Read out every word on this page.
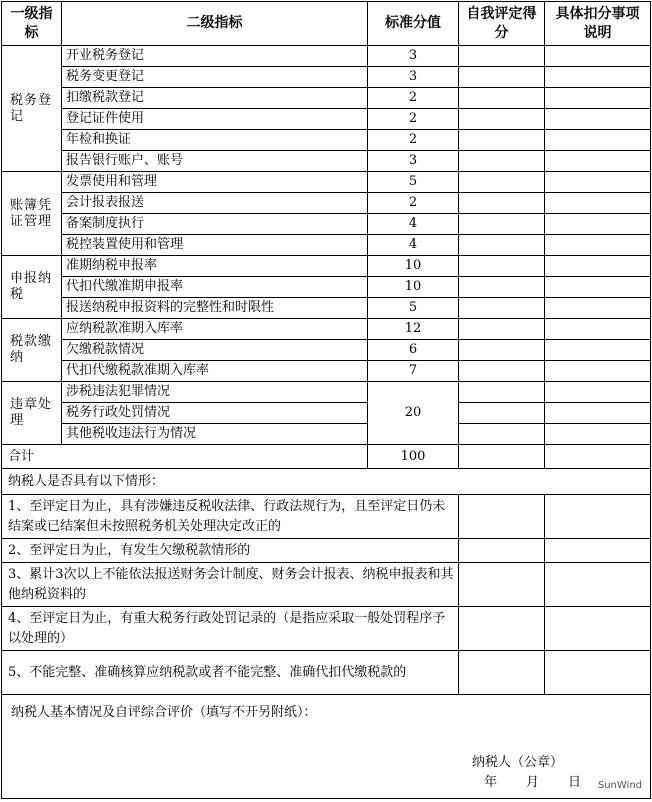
一级指标	二级指标	标准分值	自我评定得分	具体扣分事项说明
税务登记	开业税务登记	3		
	税务变更登记	3		
	扣缴税款登记	2		
	登记证件使用	2		
	年检和换证	2		
	报告银行账户、账号	3		
账簿凭证管理	发票使用和管理	5		
	会计报表报送	2		
	备案制度执行	4		
	税控装置使用和管理	4		
申报纳税	准期纳税申报率	10		
	代扣代缴准期申报率	10		
	报送纳税申报资料的完整性和时限性	5		
税款缴纳	应纳税款准期入库率	12		
	欠缴税款情况	6		
	代扣代缴税款准期入库率	7		
违章处理	涉税违法犯罪情况	20		
	税务行政处罚情况			
	其他税收违法行为情况			
合计		100		
纳税人是否具有以下情形：				
1、至评定日为止，具有涉嫌违反税收法律、行政法规行为，且至评定日仍未结案或已结案但未按照税务机关处理决定改正的				
2、至评定日为止，有发生欠缴税款情形的				
3、累计3次以上不能依法报送财务会计制度、财务会计报表、纳税申报表和其他纳税资料的				
4、至评定日为止，有重大税务行政处罚记录的（是指应采取一般处罚程序予以处理的）				
5、不能完整、准确核算应纳税款或者不能完整、准确代扣代缴税款的				

纳税人基本情况及自评综合评价（填写不开另附纸）：
纳税人（公章）
年　　月　　日 SunWind				
